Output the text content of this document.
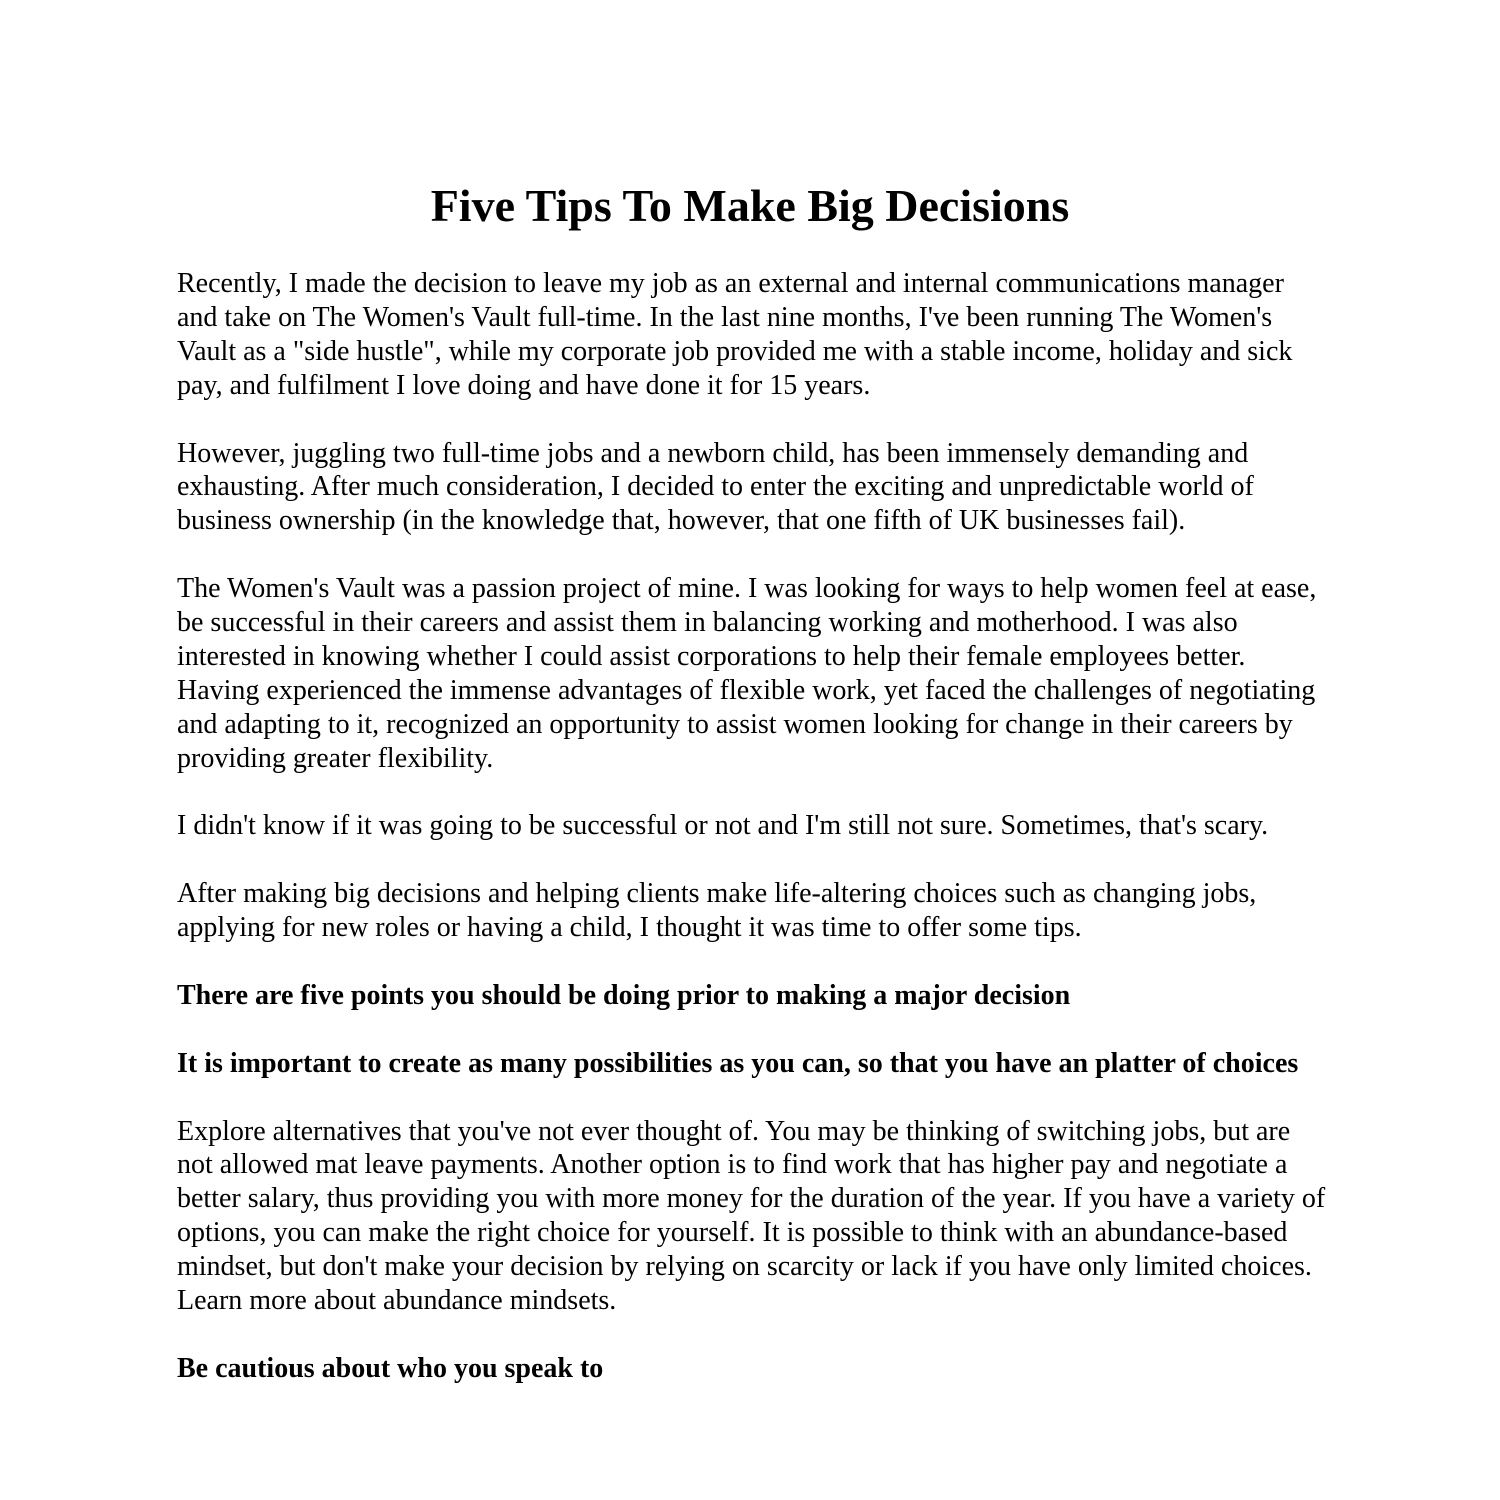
Five Tips To Make Big Decisions

Recently, I made the decision to leave my job as an external and internal communications manager and take on The Women's Vault full-time. In the last nine months, I've been running The Women's Vault as a "side hustle", while my corporate job provided me with a stable income, holiday and sick pay, and fulfilment I love doing and have done it for 15 years.

However, juggling two full-time jobs and a newborn child, has been immensely demanding and exhausting. After much consideration, I decided to enter the exciting and unpredictable world of business ownership (in the knowledge that, however, that one fifth of UK businesses fail).

The Women's Vault was a passion project of mine. I was looking for ways to help women feel at ease, be successful in their careers and assist them in balancing working and motherhood. I was also interested in knowing whether I could assist corporations to help their female employees better. Having experienced the immense advantages of flexible work, yet faced the challenges of negotiating and adapting to it, recognized an opportunity to assist women looking for change in their careers by providing greater flexibility.

I didn't know if it was going to be successful or not and I'm still not sure. Sometimes, that's scary.

After making big decisions and helping clients make life-altering choices such as changing jobs, applying for new roles or having a child, I thought it was time to offer some tips.

There are five points you should be doing prior to making a major decision

It is important to create as many possibilities as you can, so that you have an platter of choices

Explore alternatives that you've not ever thought of. You may be thinking of switching jobs, but are not allowed mat leave payments. Another option is to find work that has higher pay and negotiate a better salary, thus providing you with more money for the duration of the year. If you have a variety of options, you can make the right choice for yourself. It is possible to think with an abundance-based mindset, but don't make your decision by relying on scarcity or lack if you have only limited choices. Learn more about abundance mindsets.

Be cautious about who you speak to
